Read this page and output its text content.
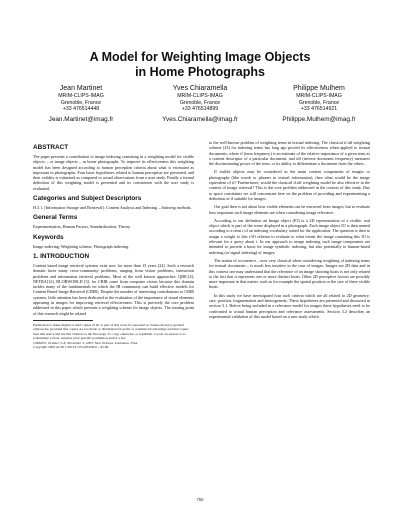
A Model for Weighting Image Objects
in Home Photographs
Jean Martinet
MRIM-CLIPS-IMAG
Grenoble, France
+33 476514448
Jean.Martinet@imag.fr
Yves Chiaramella
MRIM-CLIPS-IMAG
Grenoble, France
+33 476514899
Yves.Chiaramella@imag.fr
Philippe Mulhem
MRIM-CLIPS-IMAG
Grenoble, France
+33 476514921
Philippe.Mulhem@imag.fr
ABSTRACT

The paper presents a contribution to image indexing consisting in a weighting model for visible objects – or image objects – in home photographs. To improve its effectiveness this weighting model has been designed according to human perception criteria about what is estimated as important in photographs. Four basic hypotheses related to human perception are presented, and their validity is estimated as compared to actual observations from a user study. Finally a formal definition of this weighting model is presented and its consistence with the user study is evaluated.

Categories and Subject Descriptors

H.3.1. [Information Storage and Retrieval]: Content Analysis and Indexing – Indexing methods.

General Terms

Experimentation, Human Factors, Standardization, Theory.

Keywords

Image indexing, Weighting scheme, Photograph indexing.

1. INTRODUCTION

Content based image retrieval systems exist now for more than 15 years [24]. Such a research domain faces many cross-community problems, ranging from vision problems, interaction problems and information retrieval problems. Most of the well known approaches: QBIC[4], NETRA[12], BLOBWORLD [3]: for CBIR come from computer vision, because this domain tackles many of the fundamentals on which the IR community can build effective models for Content Based Image Retrieval (CBIR). Despite the number of interesting contributions to CBIR systems, little attention has been dedicated to the evaluation of the importance of visual elements appearing in images for improving retrieval effectiveness. This is precisely the core problem addressed in this paper which presents a weighting scheme for image objects. The starting point of this research might be related

Permission to make digital or hard copies of all or part of this work for personal or classroom use is granted without fee provided that copies are not made or distributed for profit or commercial advantage and that copies bear this notice and the full citation on the first page. To copy otherwise, or republish, to post on servers or to redistribute to lists, requires prior specific permission and/or a fee.
CIKM'03, October 3–8, November 3, 2003, New Orleans, Louisiana, USA.
Copyright 2003 ACM 1-58113-723-0/03/0011...$5.00.

to the well-known problem of weighting terms in textual indexing. The classical tf.idf weighting scheme [23] for indexing terms has long ago proved its effectiveness when applied to textual documents, where tf (term frequency) is an estimate of the relative importance of a given term as a content descriptor of a particular document, and idf (inverse document frequency) measures the discriminating power of the term, or its ability to differentiate a document from the others.

If visible objects may be considered as the main content components of images or photographs (like words or phrases in textual information), then what would be the image equivalent of tf? Furthermore, would the classical tf.idf weighting model be also effective in the context of image retrieval? This is the core problem addressed in the context of this study. Due to space constraints we will concentrate here on the problem of providing and experimenting a definition of tf suitable for images.

Our goal then is not about how visible elements can be extracted from images, but to evaluate how important such image elements are when considering image relevance.

According to our definition an Image object (IO) is a 2D representation of a visible, real object which is part of the scene displayed in a photograph. Each image object IO is then named according to a term t of an indexing vocabulary suited for the application. The question is then to assign a weight to this t-IO relation to evaluate to what extent the image containing this IO is relevant for a query about t. In our approach to image indexing such image components are intended to provide a basis for image symbolic indexing, but also potentially to human-based indexing (or signal indexing) of images.

The notion of occurrence – now very classical when considering weighting of indexing terms for textual documents – is much less intuitive in the case of images. Images are 2D data and in this context one may understand that the relevance of an image showing boats is not only related to the fact that it represents one or more distinct boats. Other 2D perceptive factors are possibly more important in that matter, such as for example the spatial position or the size of these visible boats.

In this study we have investigated four such criteria which are all related to 2D geometry: size, position, fragmentation and heterogeneity. These hypotheses are presented and discussed in section 3.1. Before being included in a relevance model for images these hypotheses need to be confronted to actual human perception and relevance assessments. Section 3.2 describes an experimental validation of this model based on a user study which

760
